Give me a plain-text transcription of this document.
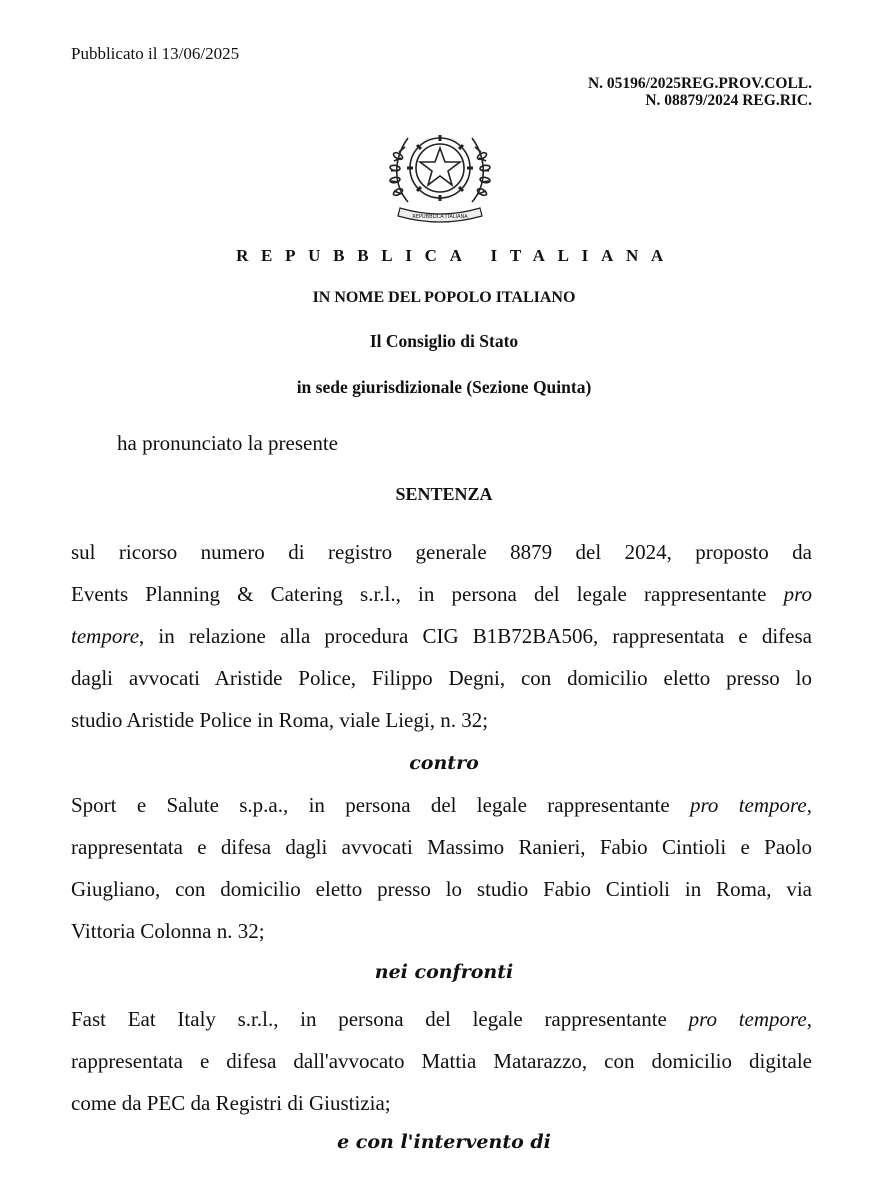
Pubblicato il 13/06/2025
N. 05196/2025REG.PROV.COLL.
N. 08879/2024 REG.RIC.
REPUBBLICA ITALIANA
REPUBBLICA ITALIANA
IN NOME DEL POPOLO ITALIANO
Il Consiglio di Stato
in sede giurisdizionale (Sezione Quinta)
ha pronunciato la presente
SENTENZA
sul ricorso numero di registro generale 8879 del 2024, proposto da
Events Planning & Catering s.r.l., in persona del legale rappresentante pro
tempore, in relazione alla procedura CIG B1B72BA506, rappresentata e difesa
dagli avvocati Aristide Police, Filippo Degni, con domicilio eletto presso lo
studio Aristide Police in Roma, viale Liegi, n. 32;
contro
Sport e Salute s.p.a., in persona del legale rappresentante pro tempore,
rappresentata e difesa dagli avvocati Massimo Ranieri, Fabio Cintioli e Paolo
Giugliano, con domicilio eletto presso lo studio Fabio Cintioli in Roma, via
Vittoria Colonna n. 32;
nei confronti
Fast Eat Italy s.r.l., in persona del legale rappresentante pro tempore,
rappresentata e difesa dall'avvocato Mattia Matarazzo, con domicilio digitale
come da PEC da Registri di Giustizia;
e con l'intervento di
